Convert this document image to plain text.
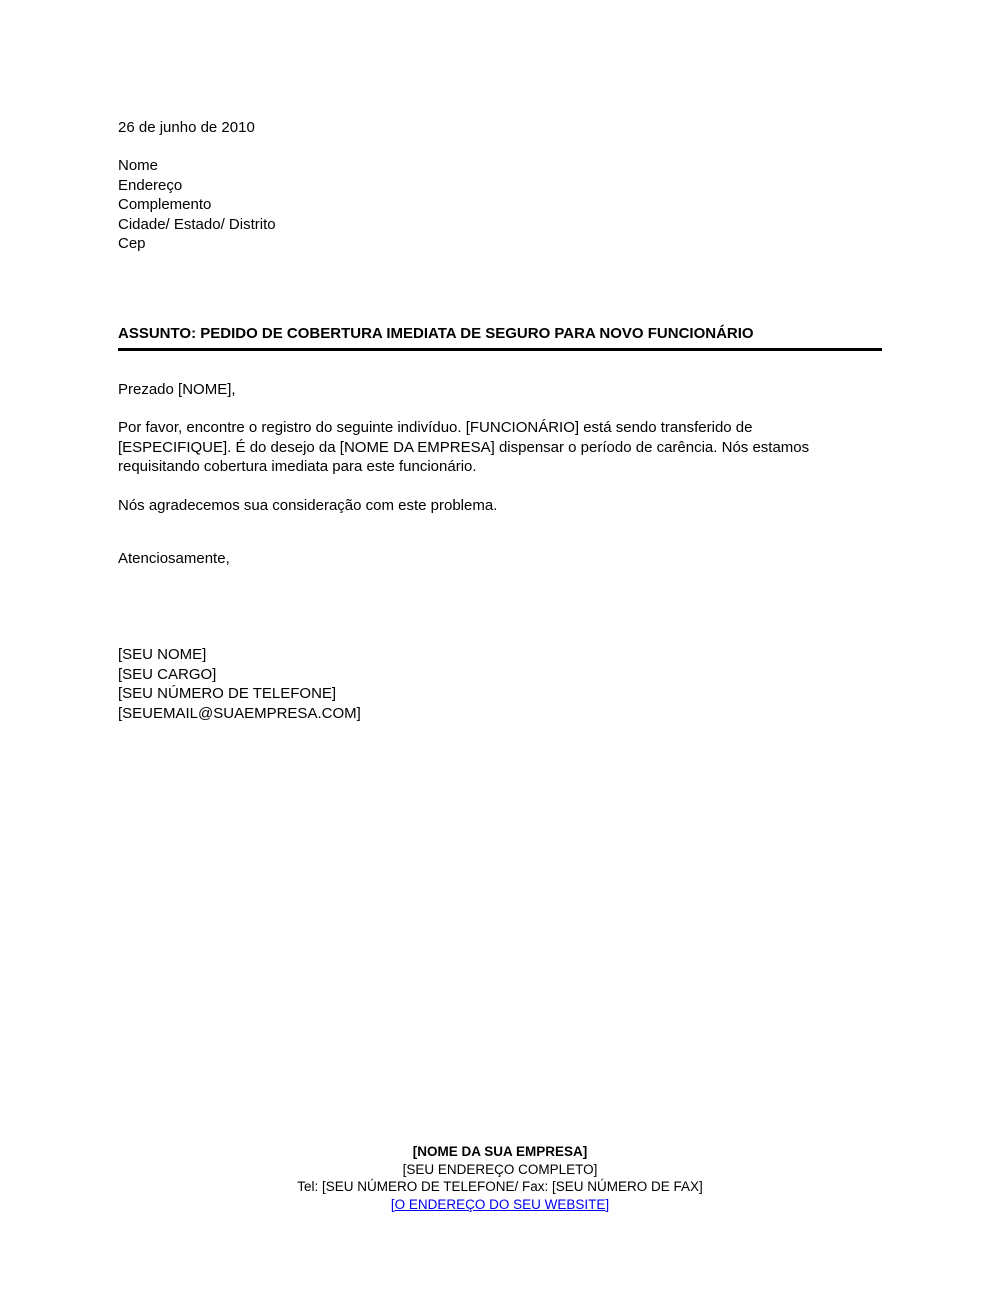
26 de junho de 2010
Nome
Endereço
Complemento
Cidade/ Estado/ Distrito
Cep
ASSUNTO: PEDIDO DE COBERTURA IMEDIATA DE SEGURO PARA NOVO FUNCIONÁRIO
Prezado [NOME],
Por favor, encontre o registro do seguinte indivíduo. [FUNCIONÁRIO] está sendo transferido de
[ESPECIFIQUE]. É do desejo da [NOME DA EMPRESA] dispensar o período de carência. Nós estamos
requisitando cobertura imediata para este funcionário.
Nós agradecemos sua consideração com este problema.
Atenciosamente,
[SEU NOME]
[SEU CARGO]
[SEU NÚMERO DE TELEFONE]
[SEUEMAIL@SUAEMPRESA.COM]
[NOME DA SUA EMPRESA]
[SEU ENDEREÇO COMPLETO]
Tel: [SEU NÚMERO DE TELEFONE/ Fax: [SEU NÚMERO DE FAX]
[O ENDEREÇO DO SEU WEBSITE]
